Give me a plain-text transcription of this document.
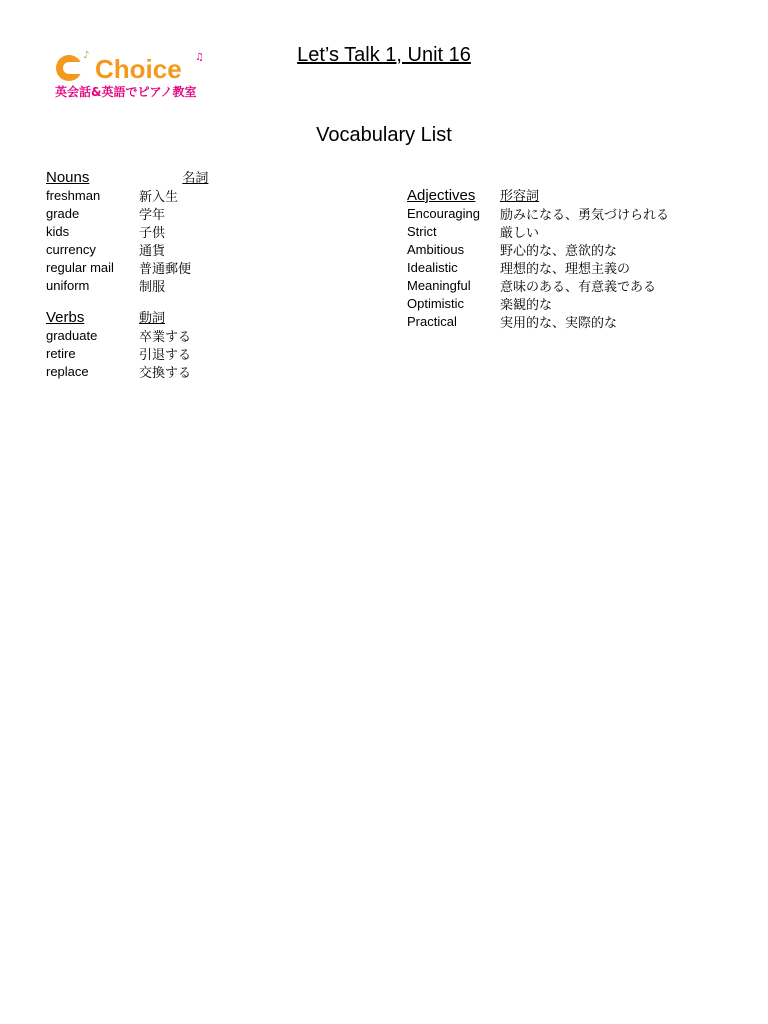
♪	♫
Choice
英会話&英語でピアノ教室
Let’s Talk 1, Unit 16
Vocabulary List
Nouns	名詞
freshman	新入生
grade	学年
kids	子供
currency	通貨
regular mail	普通郵便
uniform	制服
Verbs	動詞
graduate	卒業する
retire	引退する
replace	交換する
Adjectives	形容詞
Encouraging	励みになる、勇気づけられる
Strict	厳しい
Ambitious	野心的な、意欲的な
Idealistic	理想的な、理想主義の
Meaningful	意味のある、有意義である
Optimistic	楽観的な
Practical	実用的な、実際的な
